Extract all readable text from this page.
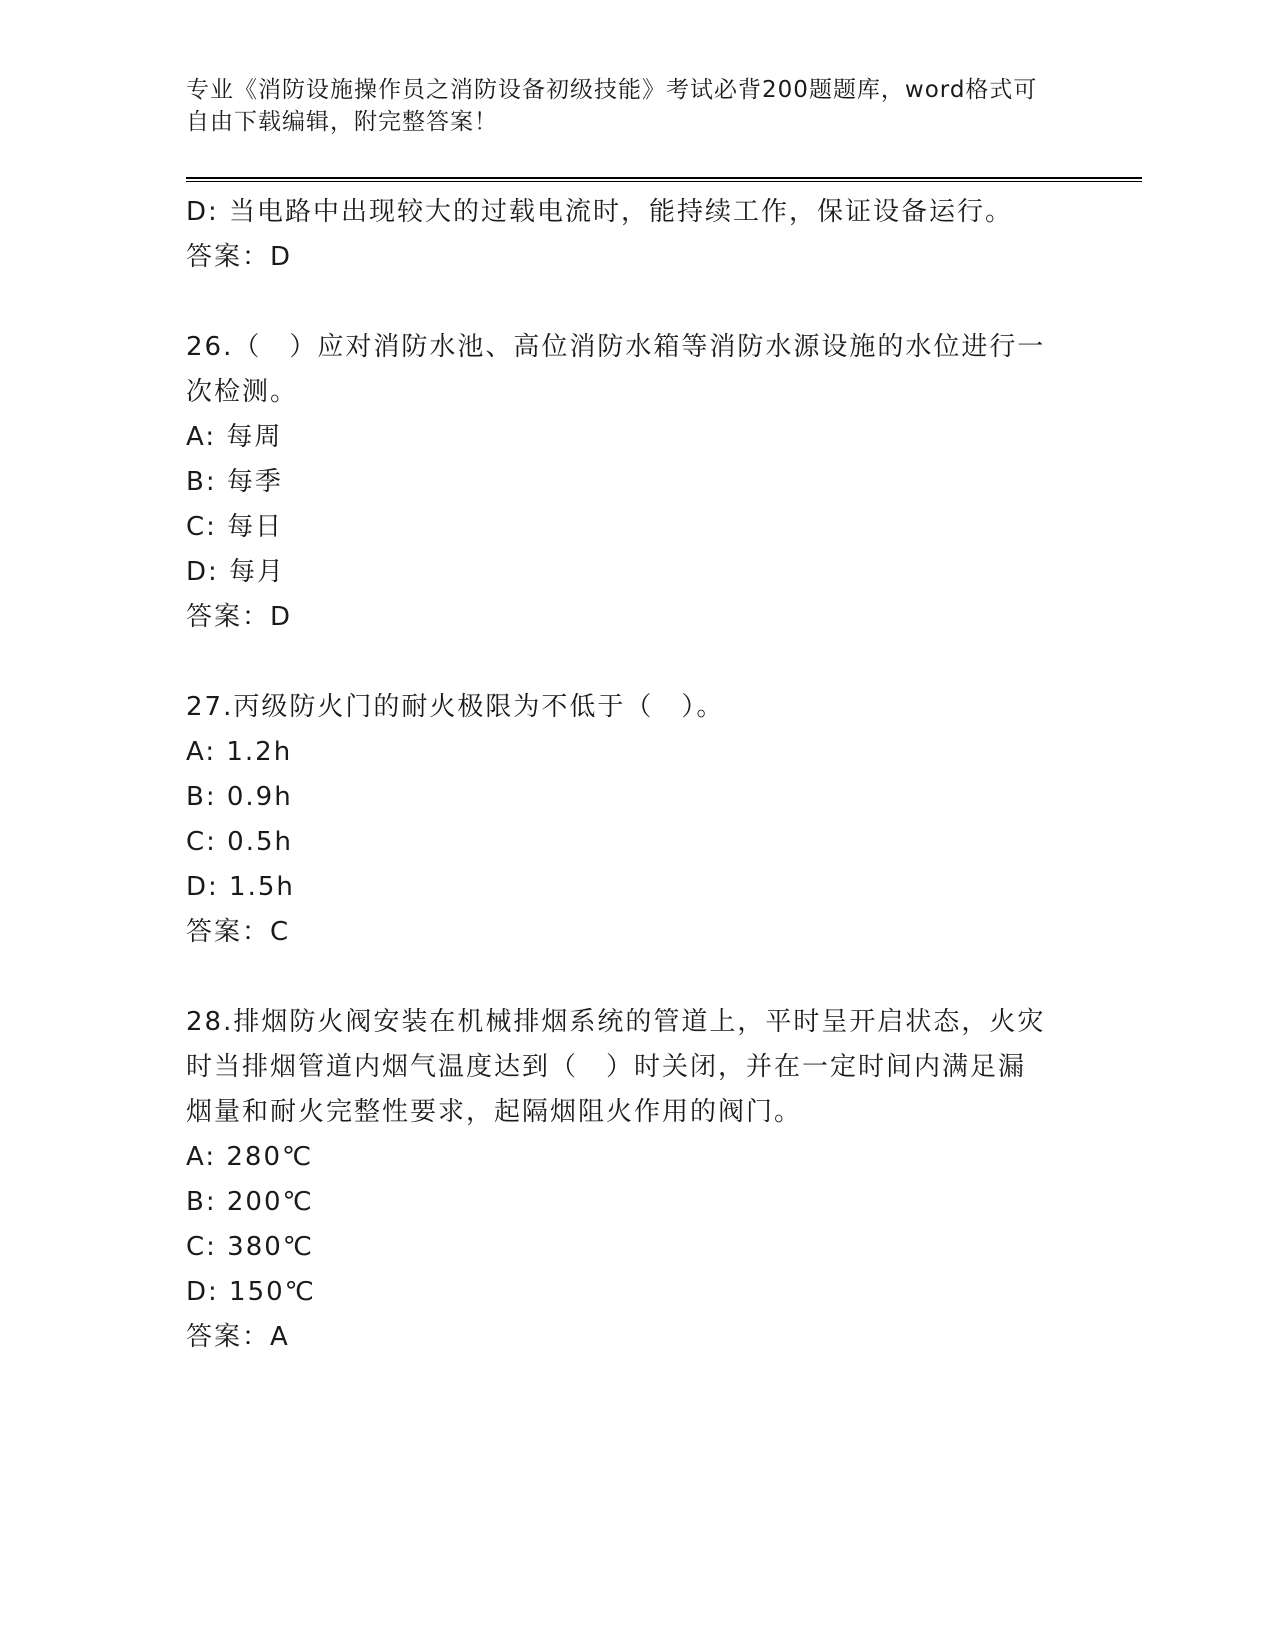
专业《消防设施操作员之消防设备初级技能》考试必背200题题库，word格式可
自由下载编辑，附完整答案！
D: 当电路中出现较大的过载电流时，能持续工作，保证设备运行。
答案：D
26.（　）应对消防水池、高位消防水箱等消防水源设施的水位进行一
次检测。
A: 每周
B: 每季
C: 每日
D: 每月
答案：D
27.丙级防火门的耐火极限为不低于（　）。
A: 1.2h
B: 0.9h
C: 0.5h
D: 1.5h
答案：C
28.排烟防火阀安装在机械排烟系统的管道上，平时呈开启状态，火灾
时当排烟管道内烟气温度达到（　）时关闭，并在一定时间内满足漏
烟量和耐火完整性要求，起隔烟阻火作用的阀门。
A: 280℃
B: 200℃
C: 380℃
D: 150℃
答案：A
